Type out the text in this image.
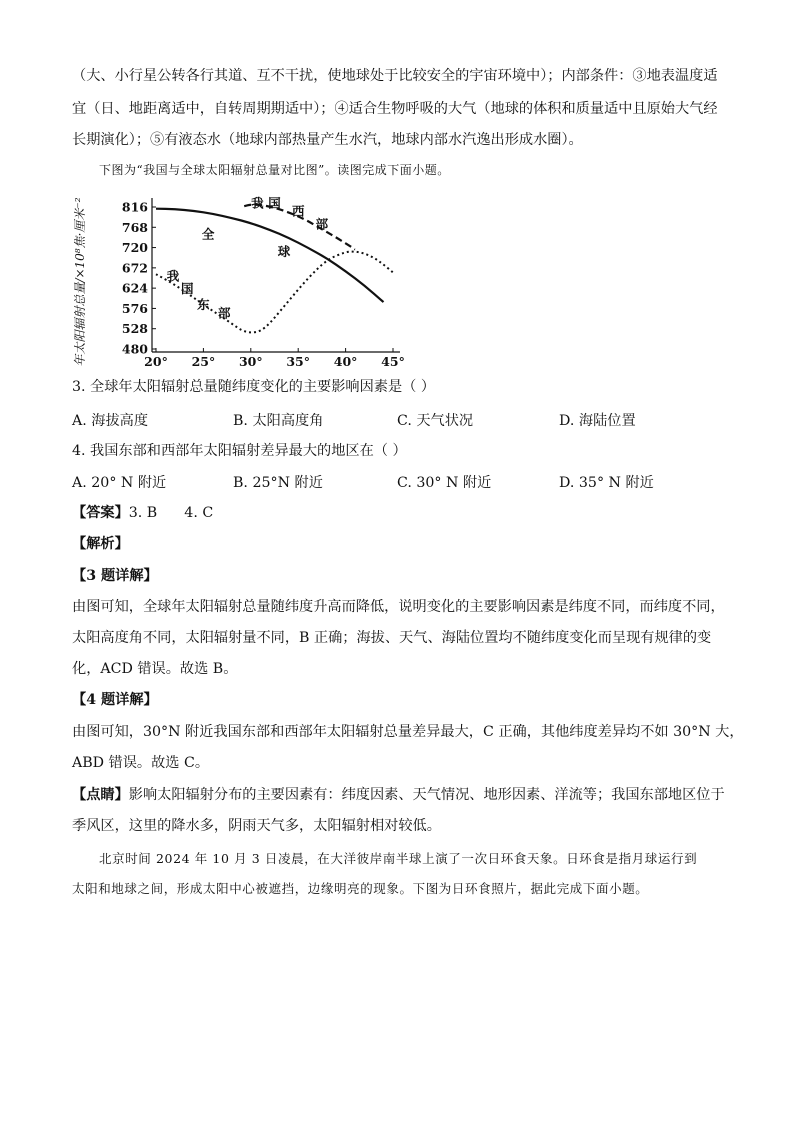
（大、小行星公转各行其道、互不干扰，使地球处于比较安全的宇宙环境中）；内部条件：③地表温度适
宜（日、地距离适中，自转周期期适中）；④适合生物呼吸的大气（地球的体积和质量适中且原始大气经
长期演化）；⑤有液态水（地球内部热量产生水汽，地球内部水汽逸出形成水圈）。
下图为“我国与全球太阳辐射总量对比图”。读图完成下面小题。
年太阳辐射总量/×10⁸焦·厘米⁻²	816
768
720
672
624
576
528
480
20° 25° 30° 35° 40° 45°
全
球
我 国
西
部
我
国
东
部
3. 全球年太阳辐射总量随纬度变化的主要影响因素是（ ）
A. 海拔高度	B. 太阳高度角	C. 天气状况	D. 海陆位置
4. 我国东部和西部年太阳辐射差异最大的地区在（ ）
A. 20° N 附近	B. 25°N 附近	C. 30° N 附近	D. 35° N 附近
【答案】3. B      4. C
【解析】
【3 题详解】
由图可知，全球年太阳辐射总量随纬度升高而降低，说明变化的主要影响因素是纬度不同，而纬度不同，
太阳高度角不同，太阳辐射量不同，B 正确；海拔、天气、海陆位置均不随纬度变化而呈现有规律的变
化，ACD 错误。故选 B。
【4 题详解】
由图可知，30°N 附近我国东部和西部年太阳辐射总量差异最大，C 正确，其他纬度差异均不如 30°N 大，
ABD 错误。故选 C。
【点睛】影响太阳辐射分布的主要因素有：纬度因素、天气情况、地形因素、洋流等；我国东部地区位于
季风区，这里的降水多，阴雨天气多，太阳辐射相对较低。
北京时间 2024 年 10 月 3 日凌晨，在大洋彼岸南半球上演了一次日环食天象。日环食是指月球运行到
太阳和地球之间，形成太阳中心被遮挡，边缘明亮的现象。下图为日环食照片，据此完成下面小题。
